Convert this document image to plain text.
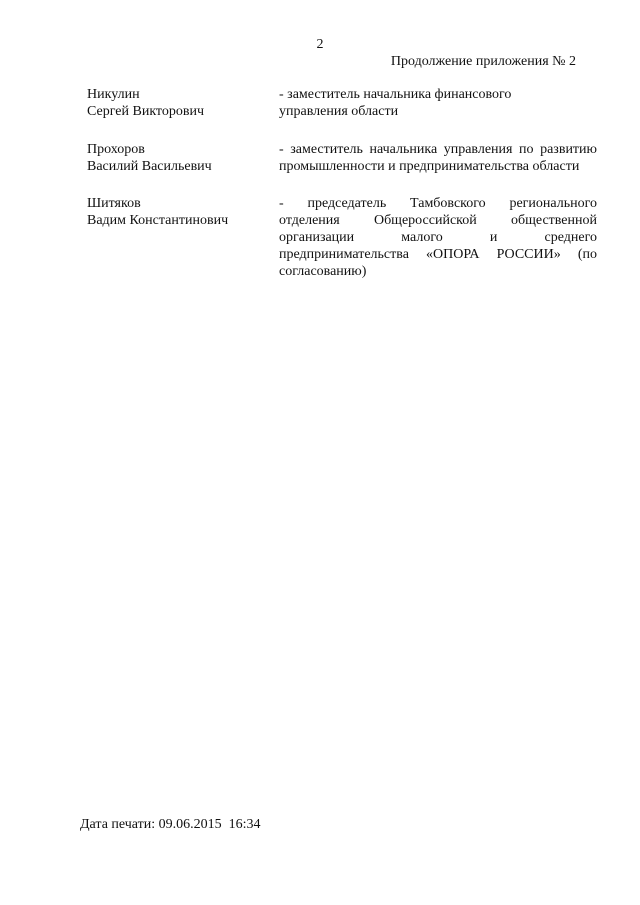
2
Продолжение приложения № 2
Никулин
Сергей Викторович
- заместитель начальника финансового управления области
Прохоров
Василий Васильевич
- заместитель начальника управления по развитию промышленности и предпринимательства области
Шитяков
Вадим Константинович
- председатель Тамбовского регионального отделения Общероссийской общественной организации малого и среднего предпринимательства «ОПОРА РОССИИ» (по согласованию)
Дата печати: 09.06.2015  16:34
